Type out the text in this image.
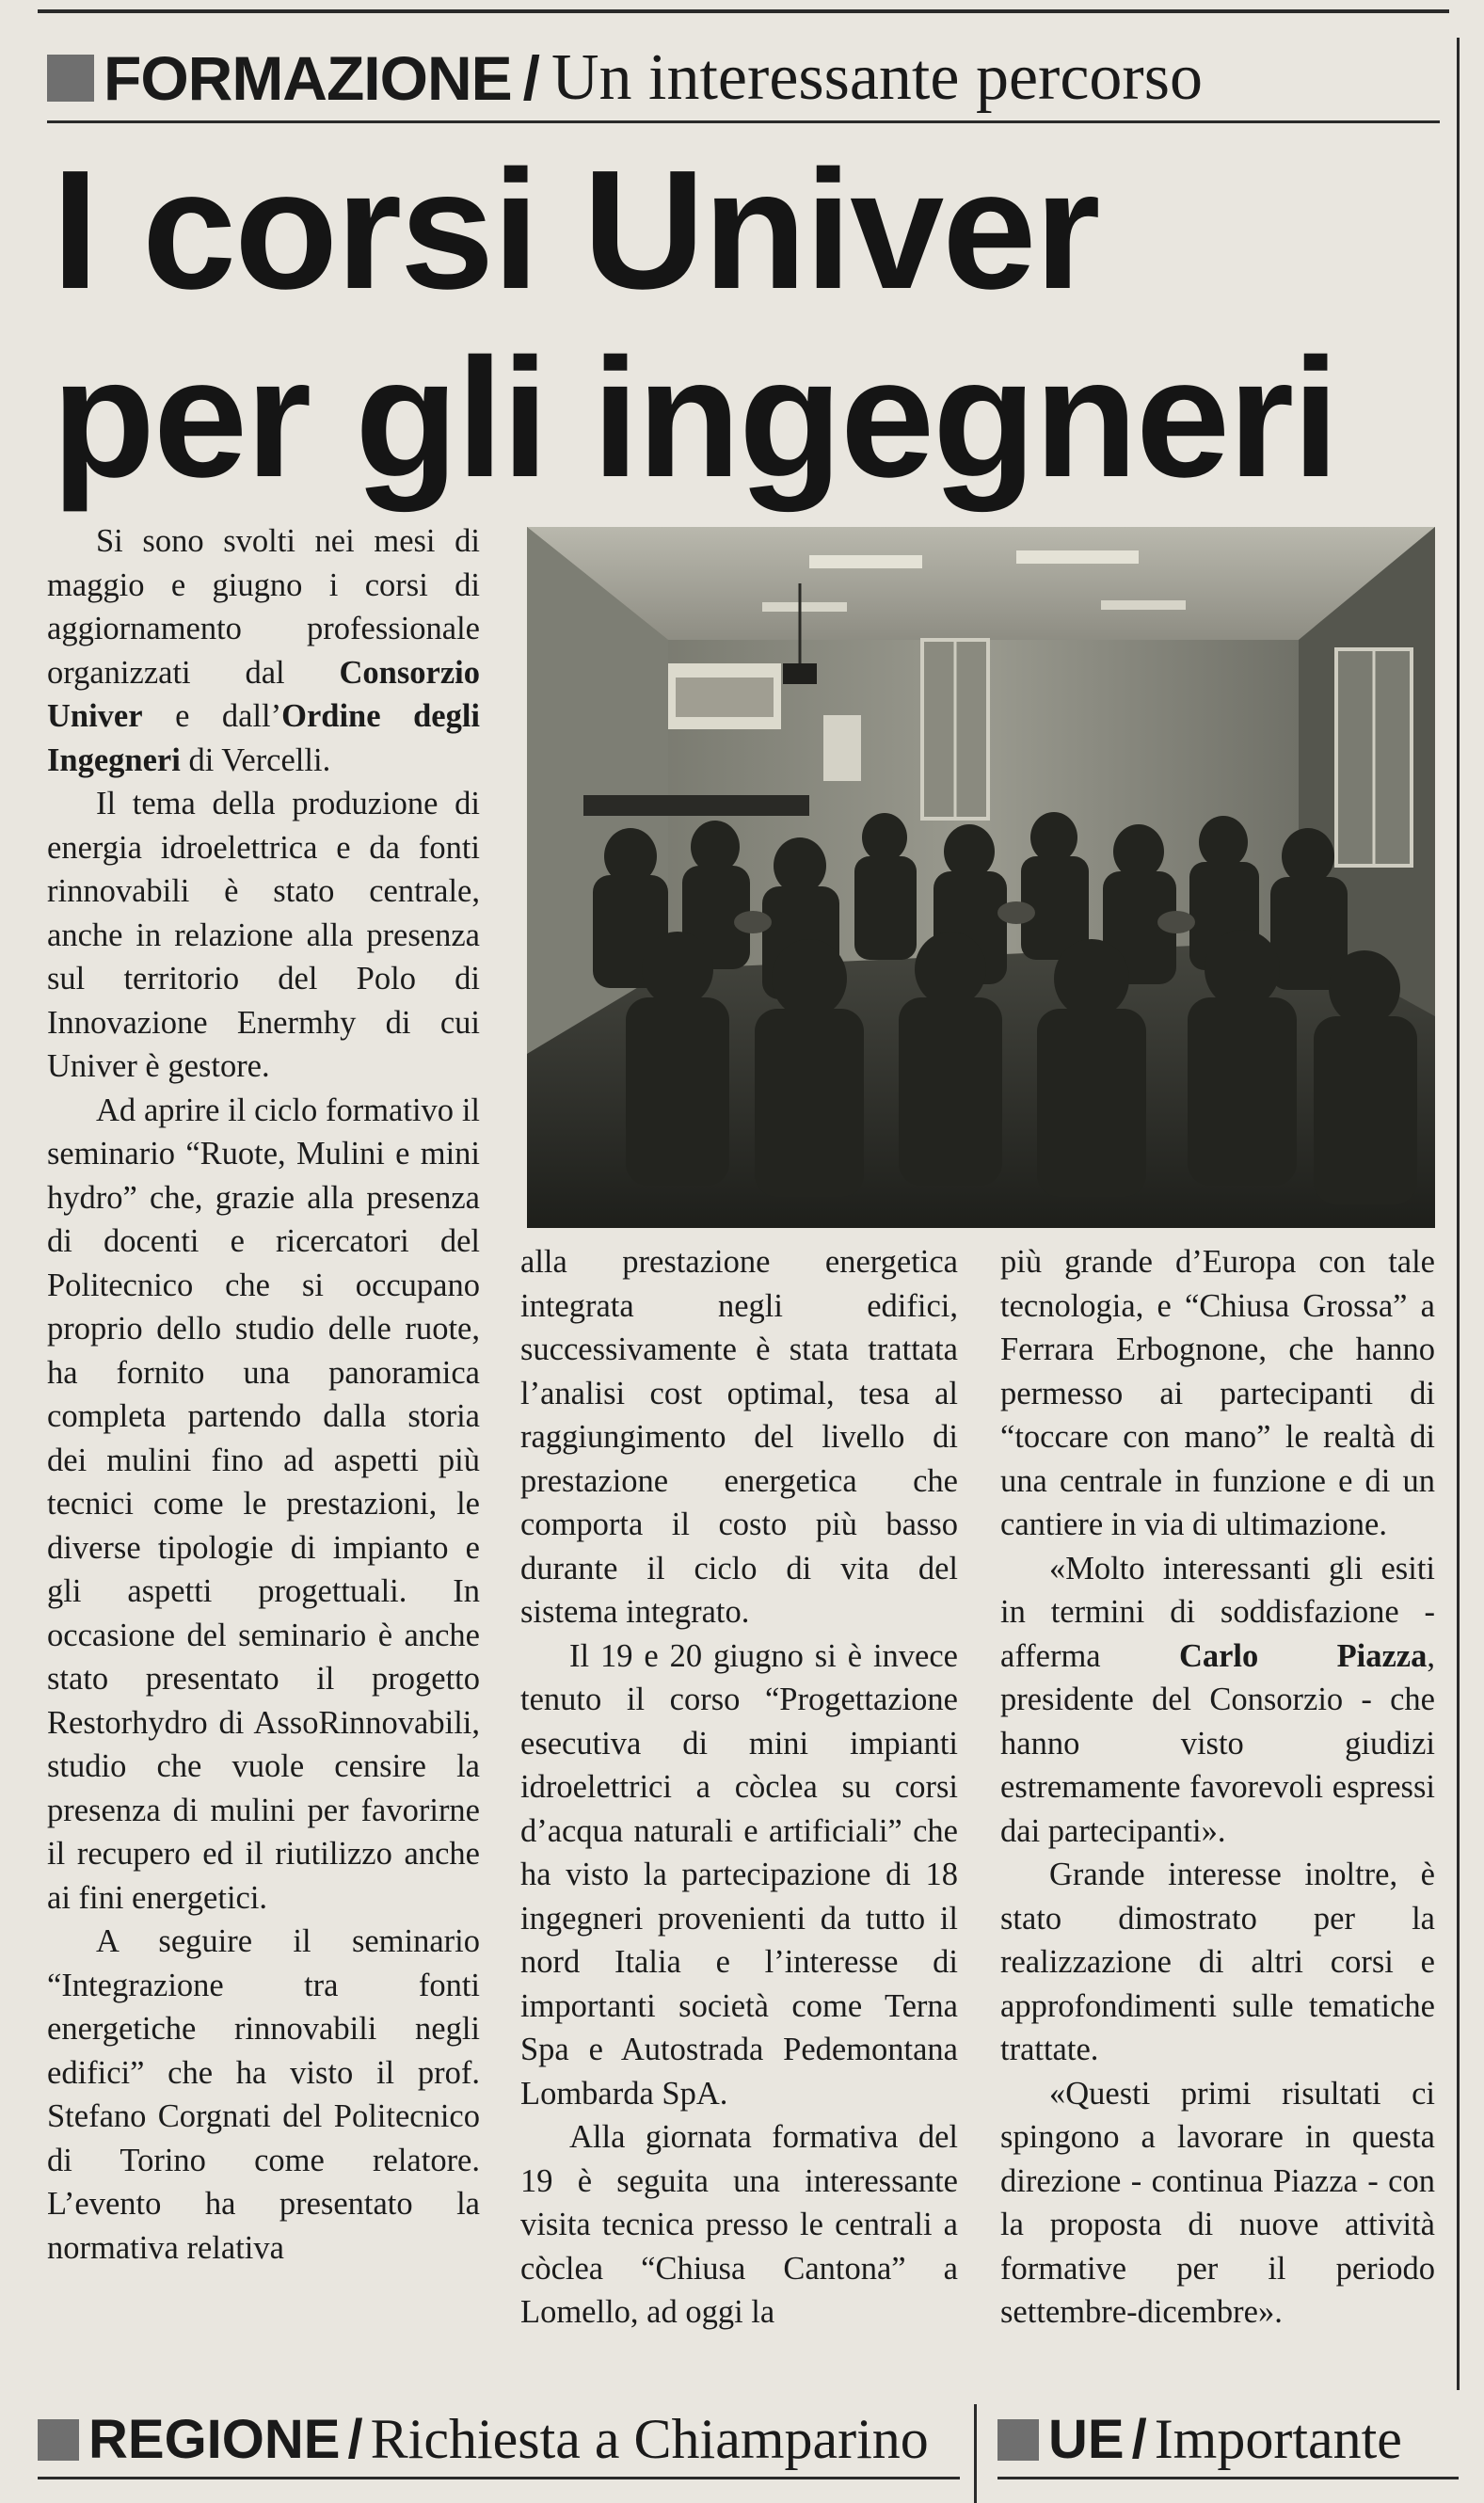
FORMAZIONE / Un interessante percorso
I corsi Univer
per gli ingegneri

Si sono svolti nei mesi di maggio e giugno i corsi di aggiornamento professionale organizzati dal Consorzio Univer e dall’Ordine degli Ingegneri di Vercelli.

Il tema della produzione di energia idroelettrica e da fonti rinnovabili è stato centrale, anche in relazione alla presenza sul territorio del Polo di Innovazione Enermhy di cui Univer è gestore.

Ad aprire il ciclo formativo il seminario “Ruote, Mulini e mini hydro” che, grazie alla presenza di docenti e ricercatori del Politecnico che si occupano proprio dello studio delle ruote, ha fornito una panoramica completa partendo dalla storia dei mulini fino ad aspetti più tecnici come le prestazioni, le diverse tipologie di impianto e gli aspetti progettuali. In occasione del seminario è anche stato presentato il progetto Restorhydro di AssoRinnovabili, studio che vuole censire la presenza di mulini per favorirne il recupero ed il riutilizzo anche ai fini energetici.

A seguire il seminario “Integrazione tra fonti energetiche rinnovabili negli edifici” che ha visto il prof. Stefano Corgnati del Politecnico di Torino come relatore. L’evento ha presentato la normativa relativa

alla prestazione energetica integrata negli edifici, successivamente è stata trattata l’analisi cost optimal, tesa al raggiungimento del livello di prestazione energetica che comporta il costo più basso durante il ciclo di vita del sistema integrato.

Il 19 e 20 giugno si è invece tenuto il corso “Progettazione esecutiva di mini impianti idroelettrici a còclea su corsi d’acqua naturali e artificiali” che ha visto la partecipazione di 18 ingegneri provenienti da tutto il nord Italia e l’interesse di importanti società come Terna Spa e Autostrada Pedemontana Lombarda SpA.

Alla giornata formativa del 19 è seguita una interessante visita tecnica presso le centrali a còclea “Chiusa Cantona” a Lomello, ad oggi la

più grande d’Europa con tale tecnologia, e “Chiusa Grossa” a Ferrara Erbognone, che hanno permesso ai partecipanti di “toccare con mano” le realtà di una centrale in funzione e di un cantiere in via di ultimazione.

«Molto interessanti gli esiti in termini di soddisfazione - afferma Carlo Piazza, presidente del Consorzio - che hanno visto giudizi estremamente favorevoli espressi dai partecipanti».

Grande interesse inoltre, è stato dimostrato per la realizzazione di altri corsi e approfondimenti sulle tematiche trattate.

«Questi primi risultati ci spingono a lavorare in questa direzione - continua Piazza - con la proposta di nuove attività formative per il periodo settembre-dicembre».

REGIONE / Richiesta a Chiamparino UE / Importante
